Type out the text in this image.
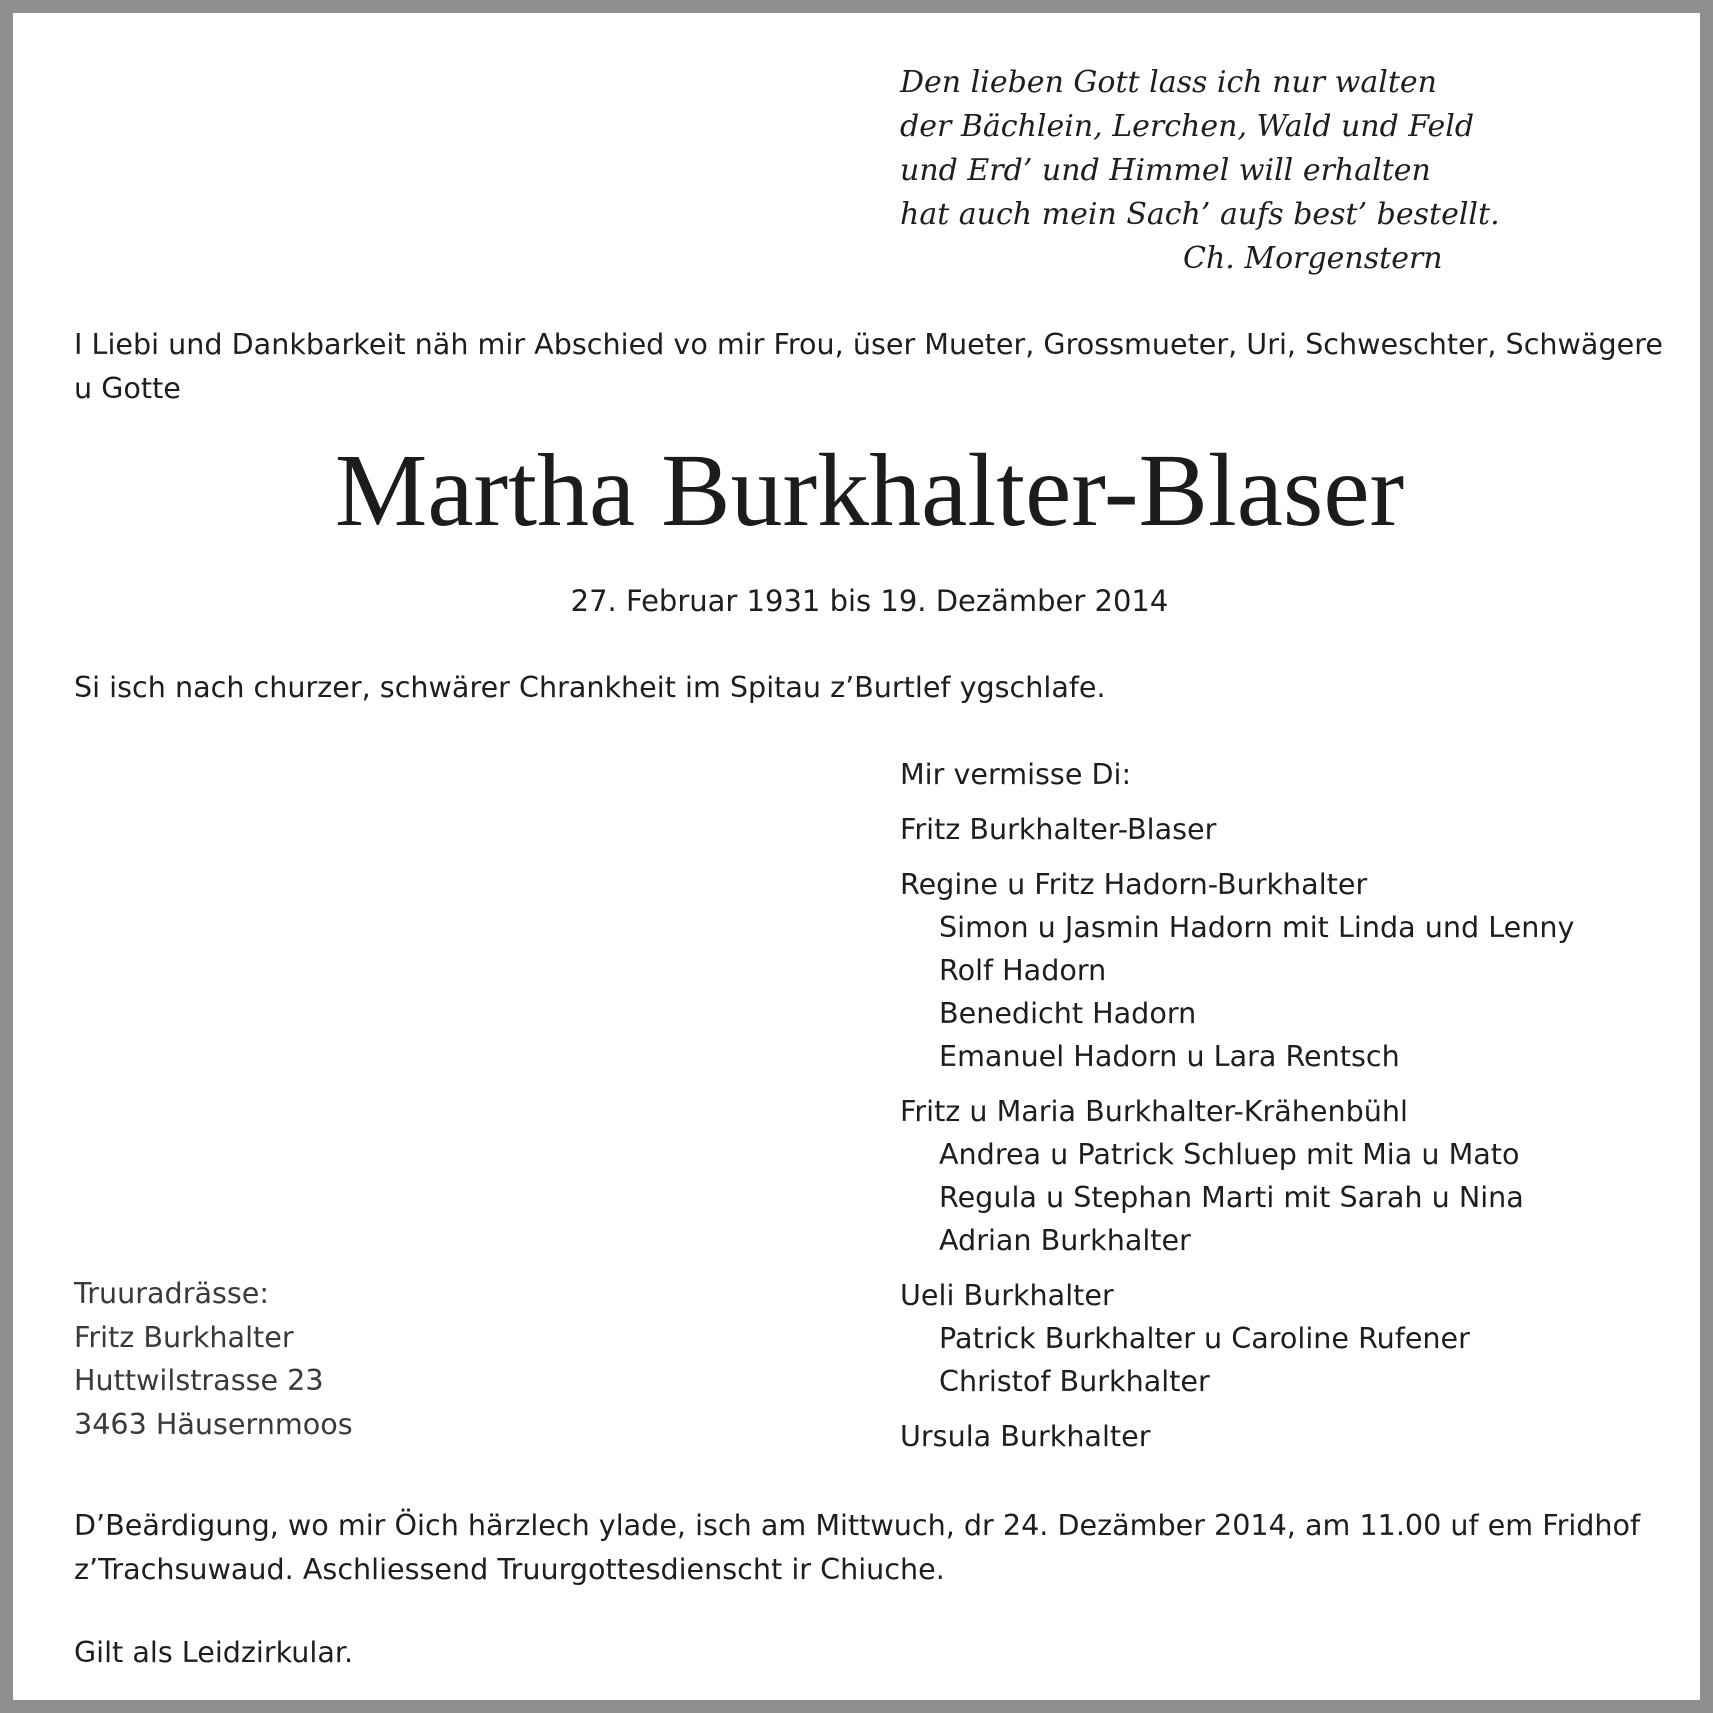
Den lieben Gott lass ich nur walten
der Bächlein, Lerchen, Wald und Feld
und Erd’ und Himmel will erhalten
hat auch mein Sach’ aufs best’ bestellt.
Ch. Morgenstern
I Liebi und Dankbarkeit näh mir Abschied vo mir Frou, üser Mueter, Grossmueter, Uri, Schweschter, Schwägere u Gotte
Martha Burkhalter-Blaser
27. Februar 1931 bis 19. Dezämber 2014
Si isch nach churzer, schwärer Chrankheit im Spitau z’Burtlef ygschlafe.
Mir vermisse Di:
Fritz Burkhalter-Blaser
Regine u Fritz Hadorn-Burkhalter
Simon u Jasmin Hadorn mit Linda und Lenny
Rolf Hadorn
Benedicht Hadorn
Emanuel Hadorn u Lara Rentsch
Fritz u Maria Burkhalter-Krähenbühl
Andrea u Patrick Schluep mit Mia u Mato
Regula u Stephan Marti mit Sarah u Nina
Adrian Burkhalter
Ueli Burkhalter
Patrick Burkhalter u Caroline Rufener
Christof Burkhalter
Ursula Burkhalter
Truuradrässe:
Fritz Burkhalter
Huttwilstrasse 23
3463 Häusernmoos
D’Beärdigung, wo mir Öich härzlech ylade, isch am Mittwuch, dr 24. Dezämber 2014, am 11.00 uf em Fridhof z’Trachsuwaud. Aschliessend Truurgottesdienscht ir Chiuche.
Gilt als Leidzirkular.
